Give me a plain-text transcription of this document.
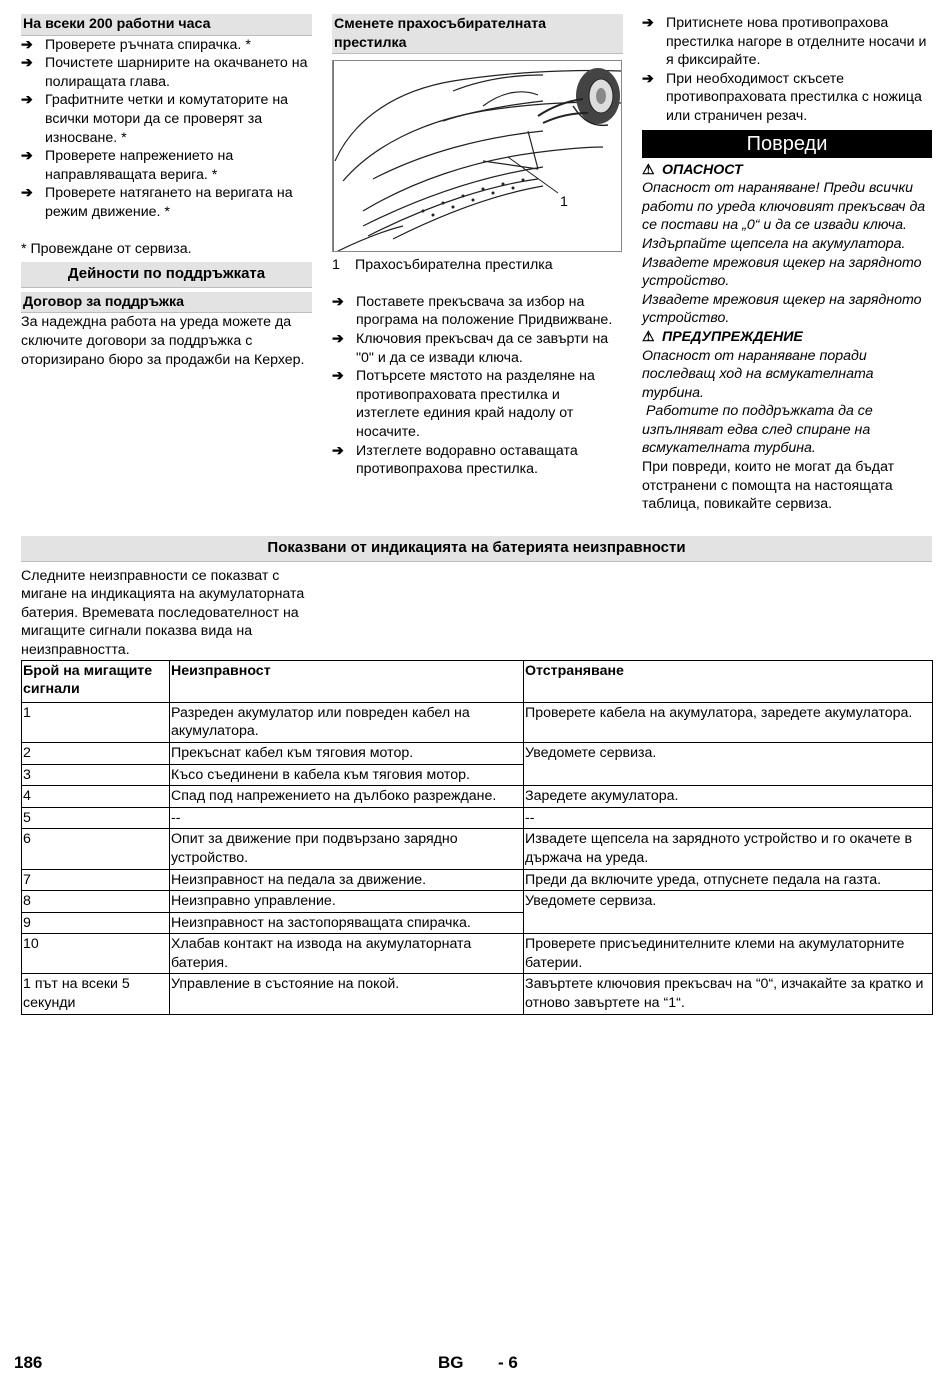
На всеки 200 работни часа
➔ Проверете ръчната спирачка. *
➔ Почистете шарнирите на окачването на полиращата глава.
➔ Графитните четки и комутаторите на всички мотори да се проверят за износване. *
➔ Проверете напрежението на направляващата верига. *
➔ Проверете натягането на веригата на режим движение. *
* Провеждане от сервиза.
Дейности по поддръжката
Договор за поддръжка
За надеждна работа на уреда можете да сключите договори за поддръжка с оторизирано бюро за продажби на Керхер.
Сменете прахосъбирателната престилка
1
1	Прахосъбирателна престилка
➔ Поставете прекъсвача за избор на програма на положение Придвижване.
➔ Ключовия прекъсвач да се завърти на "0" и да се извади ключа.
➔ Потърсете мястото на разделяне на противопраховата престилка и изтеглете единия край надолу от носачите.
➔ Изтеглете водоравно оставащата противопрахова престилка.
➔ Притиснете нова противопрахова престилка нагоре в отделните носачи и я фиксирайте.
➔ При необходимост скъсете противопраховата престилка с ножица или страничен резач.
Повреди
⚠ ОПАСНОСТ
Опасност от нараняване! Преди всички работи по уреда ключовият прекъсвач да се постави на „0“ и да се извади ключа. Издърпайте щепсела на акумулатора.
Извадете мрежовия щекер на зарядното устройство.
Извадете мрежовия щекер на зарядното устройство.
⚠ ПРЕДУПРЕЖДЕНИЕ
Опасност от нараняване поради последващ ход на всмукателната турбина.
Работите по поддръжката да се изпълняват едва след спиране на всмукателната турбина.
При повреди, които не могат да бъдат отстранени с помощта на настоящата таблица, повикайте сервиза.
Показвани от индикацията на батерията неизправности
Следните неизправности се показват с мигане на индикацията на акумулаторната батерия. Времевата последователност на мигащите сигнали показва вида на неизправността.
Брой на мигащите сигнали	Неизправност	Отстраняване
1	Разреден акумулатор или повреден кабел на акумулатора.	Проверете кабела на акумулатора, заредете акумулатора.
2	Прекъснат кабел към тяговия мотор.	Уведомете сервиза.
3	Късо съединени в кабела към тяговия мотор.	
4	Спад под напрежението на дълбоко разреждане.	Заредете акумулатора.
5	--	--
6	Опит за движение при подвързано зарядно устройство.	Извадете щепсела на зарядното устройство и го окачете в държача на уреда.
7	Неизправност на педала за движение.	Преди да включите уреда, отпуснете педала на газта.
8	Неизправно управление.	Уведомете сервиза.
9	Неизправност на застопоряващата спирачка.	
10	Хлабав контакт на извода на акумулаторната батерия.	Проверете присъединителните клеми на акумулаторните батерии.
1 път на всеки 5 секунди	Управление в състояние на покой.	Завъртете ключовия прекъсвач на “0“, изчакайте за кратко и отново завъртете на “1“.
186	BG - 6
